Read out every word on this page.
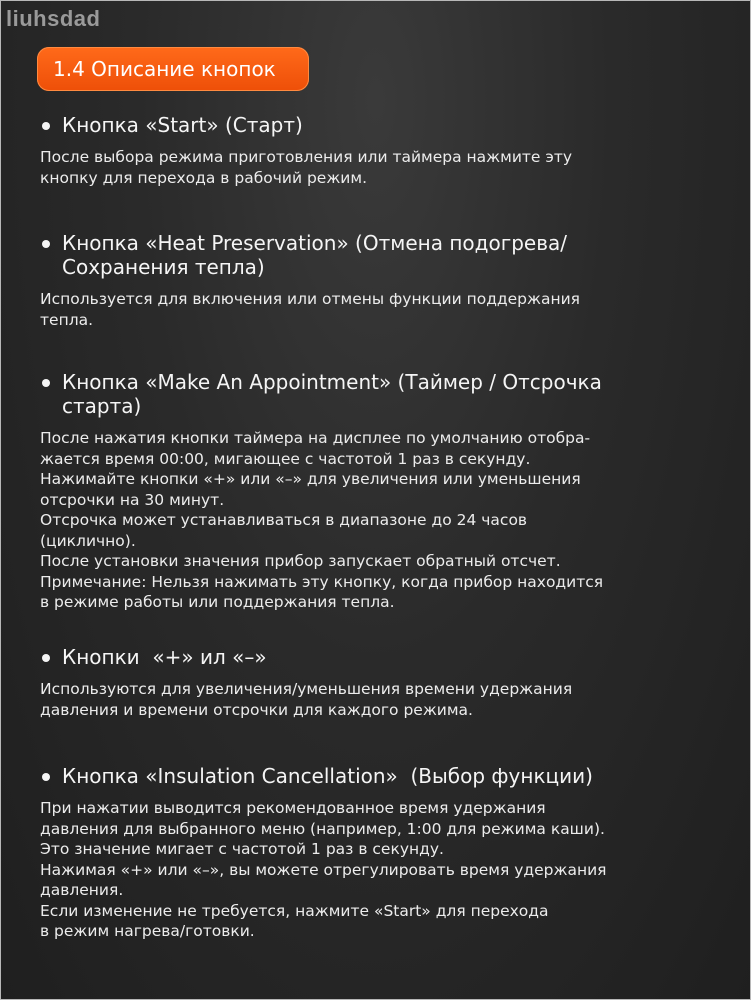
liuhsdad
1.4 Описание кнопок
Кнопка «Start» (Старт)
После выбора режима приготовления или таймера нажмите эту
кнопку для перехода в рабочий режим.
Кнопка «Heat Preservation» (Отмена подогрева/
Сохранения тепла)
Используется для включения или отмены функции поддержания
тепла.
Кнопка «Make An Appointment» (Таймер / Отсрочка
старта)
После нажатия кнопки таймера на дисплее по умолчанию отобра-
жается время 00:00, мигающее с частотой 1 раз в секунду.
Нажимайте кнопки «+» или «–» для увеличения или уменьшения
отсрочки на 30 минут.
Отсрочка может устанавливаться в диапазоне до 24 часов
(циклично).
После установки значения прибор запускает обратный отсчет.
Примечание: Нельзя нажимать эту кнопку, когда прибор находится
в режиме работы или поддержания тепла.
Кнопки  «+» ил «–»
Используются для увеличения/уменьшения времени удержания
давления и времени отсрочки для каждого режима.
Кнопка «Insulation Cancellation»  (Выбор функции)
При нажатии выводится рекомендованное время удержания
давления для выбранного меню (например, 1:00 для режима каши).
Это значение мигает с частотой 1 раз в секунду.
Нажимая «+» или «–», вы можете отрегулировать время удержания
давления.
Если изменение не требуется, нажмите «Start» для перехода
в режим нагрева/готовки.
